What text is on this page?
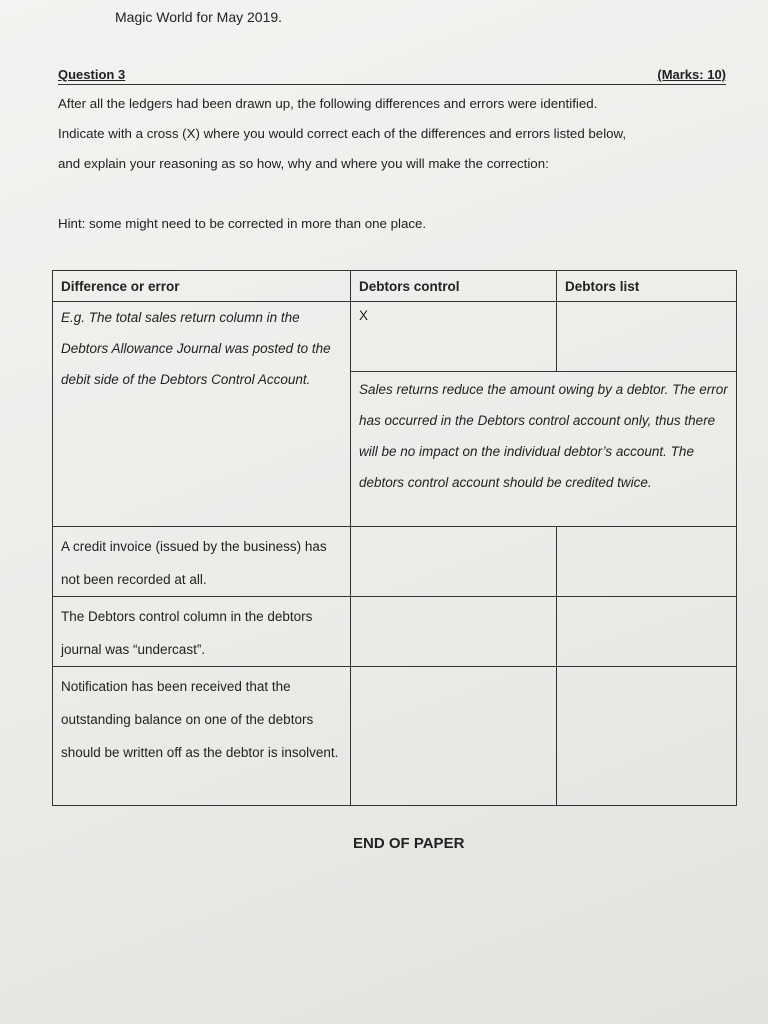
Magic World for May 2019.
Question 3	(Marks: 10)
After all the ledgers had been drawn up, the following differences and errors were identified.
Indicate with a cross (X) where you would correct each of the differences and errors listed below,
and explain your reasoning as so how, why and where you will make the correction:
Hint: some might need to be corrected in more than one place.
Difference or error	Debtors control	Debtors list
E.g. The total sales return column in the Debtors Allowance Journal was posted to the debit side of the Debtors Control Account.	X	
	Sales returns reduce the amount owing by a debtor. The error has occurred in the Debtors control account only, thus there will be no impact on the individual debtor’s account. The debtors control account should be credited twice.	
A credit invoice (issued by the business) has not been recorded at all.		
The Debtors control column in the debtors journal was “undercast”.		
Notification has been received that the outstanding balance on one of the debtors should be written off as the debtor is insolvent.		
END OF PAPER
